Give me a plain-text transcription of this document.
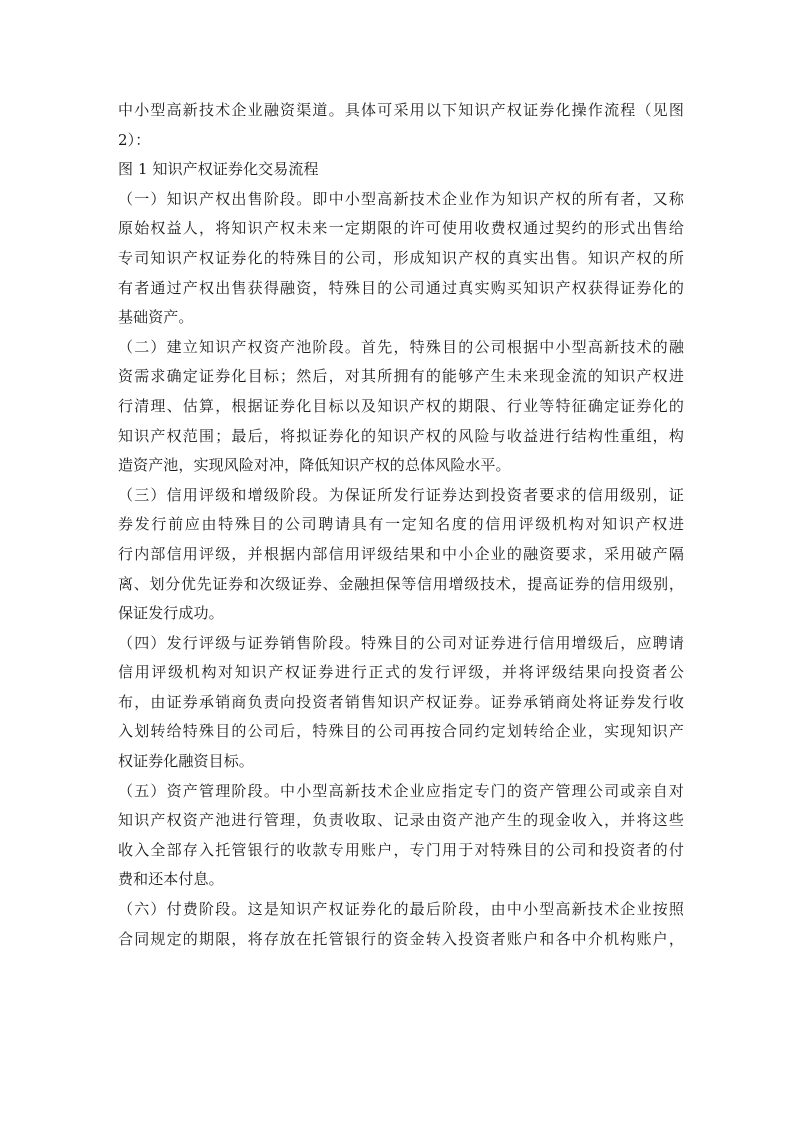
中小型高新技术企业融资渠道。具体可采用以下知识产权证券化操作流程（见图
2）：
图 1 知识产权证券化交易流程
（一）知识产权出售阶段。即中小型高新技术企业作为知识产权的所有者，又称
原始权益人，将知识产权未来一定期限的许可使用收费权通过契约的形式出售给
专司知识产权证券化的特殊目的公司，形成知识产权的真实出售。知识产权的所
有者通过产权出售获得融资，特殊目的公司通过真实购买知识产权获得证券化的
基础资产。
（二）建立知识产权资产池阶段。首先，特殊目的公司根据中小型高新技术的融
资需求确定证券化目标；然后，对其所拥有的能够产生未来现金流的知识产权进
行清理、估算，根据证券化目标以及知识产权的期限、行业等特征确定证券化的
知识产权范围；最后，将拟证券化的知识产权的风险与收益进行结构性重组，构
造资产池，实现风险对冲，降低知识产权的总体风险水平。
（三）信用评级和增级阶段。为保证所发行证券达到投资者要求的信用级别，证
券发行前应由特殊目的公司聘请具有一定知名度的信用评级机构对知识产权进
行内部信用评级，并根据内部信用评级结果和中小企业的融资要求，采用破产隔
离、划分优先证券和次级证券、金融担保等信用增级技术，提高证券的信用级别，
保证发行成功。
（四）发行评级与证券销售阶段。特殊目的公司对证券进行信用增级后，应聘请
信用评级机构对知识产权证券进行正式的发行评级，并将评级结果向投资者公
布，由证券承销商负责向投资者销售知识产权证券。证券承销商处将证券发行收
入划转给特殊目的公司后，特殊目的公司再按合同约定划转给企业，实现知识产
权证券化融资目标。
（五）资产管理阶段。中小型高新技术企业应指定专门的资产管理公司或亲自对
知识产权资产池进行管理，负责收取、记录由资产池产生的现金收入，并将这些
收入全部存入托管银行的收款专用账户，专门用于对特殊目的公司和投资者的付
费和还本付息。
（六）付费阶段。这是知识产权证券化的最后阶段，由中小型高新技术企业按照
合同规定的期限，将存放在托管银行的资金转入投资者账户和各中介机构账户，
